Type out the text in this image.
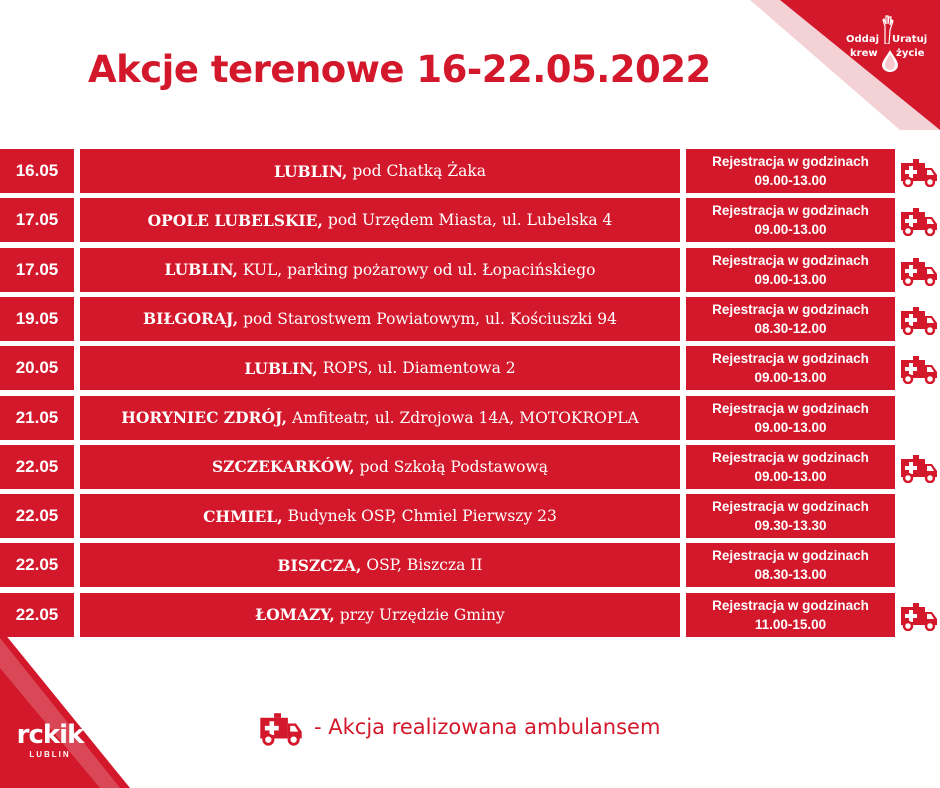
Oddaj Uratuj
krew życie
Akcje terenowe 16-22.05.2022
16.05	LUBLIN, pod Chatką Żaka
Rejestracja w godzinach
09.00-13.00
17.05	OPOLE LUBELSKIE, pod Urzędem Miasta, ul. Lubelska 4
Rejestracja w godzinach
09.00-13.00
17.05	LUBLIN, KUL, parking pożarowy od ul. Łopacińskiego
Rejestracja w godzinach
09.00-13.00
19.05	BIŁGORAJ, pod Starostwem Powiatowym, ul. Kościuszki 94
Rejestracja w godzinach
08.30-12.00
20.05	LUBLIN, ROPS, ul. Diamentowa 2
Rejestracja w godzinach
09.00-13.00
21.05	HORYNIEC ZDRÓJ, Amfiteatr, ul. Zdrojowa 14A, MOTOKROPLA
Rejestracja w godzinach
09.00-13.00
22.05	SZCZEKARKÓW, pod Szkołą Podstawową
Rejestracja w godzinach
09.00-13.00
22.05	CHMIEL, Budynek OSP, Chmiel Pierwszy 23
Rejestracja w godzinach
09.30-13.30
22.05	BISZCZA, OSP, Biszcza II
Rejestracja w godzinach
08.30-13.00
22.05	ŁOMAZY, przy Urzędzie Gminy
Rejestracja w godzinach
11.00-15.00
rckik
LUBLIN
- Akcja realizowana ambulansem
